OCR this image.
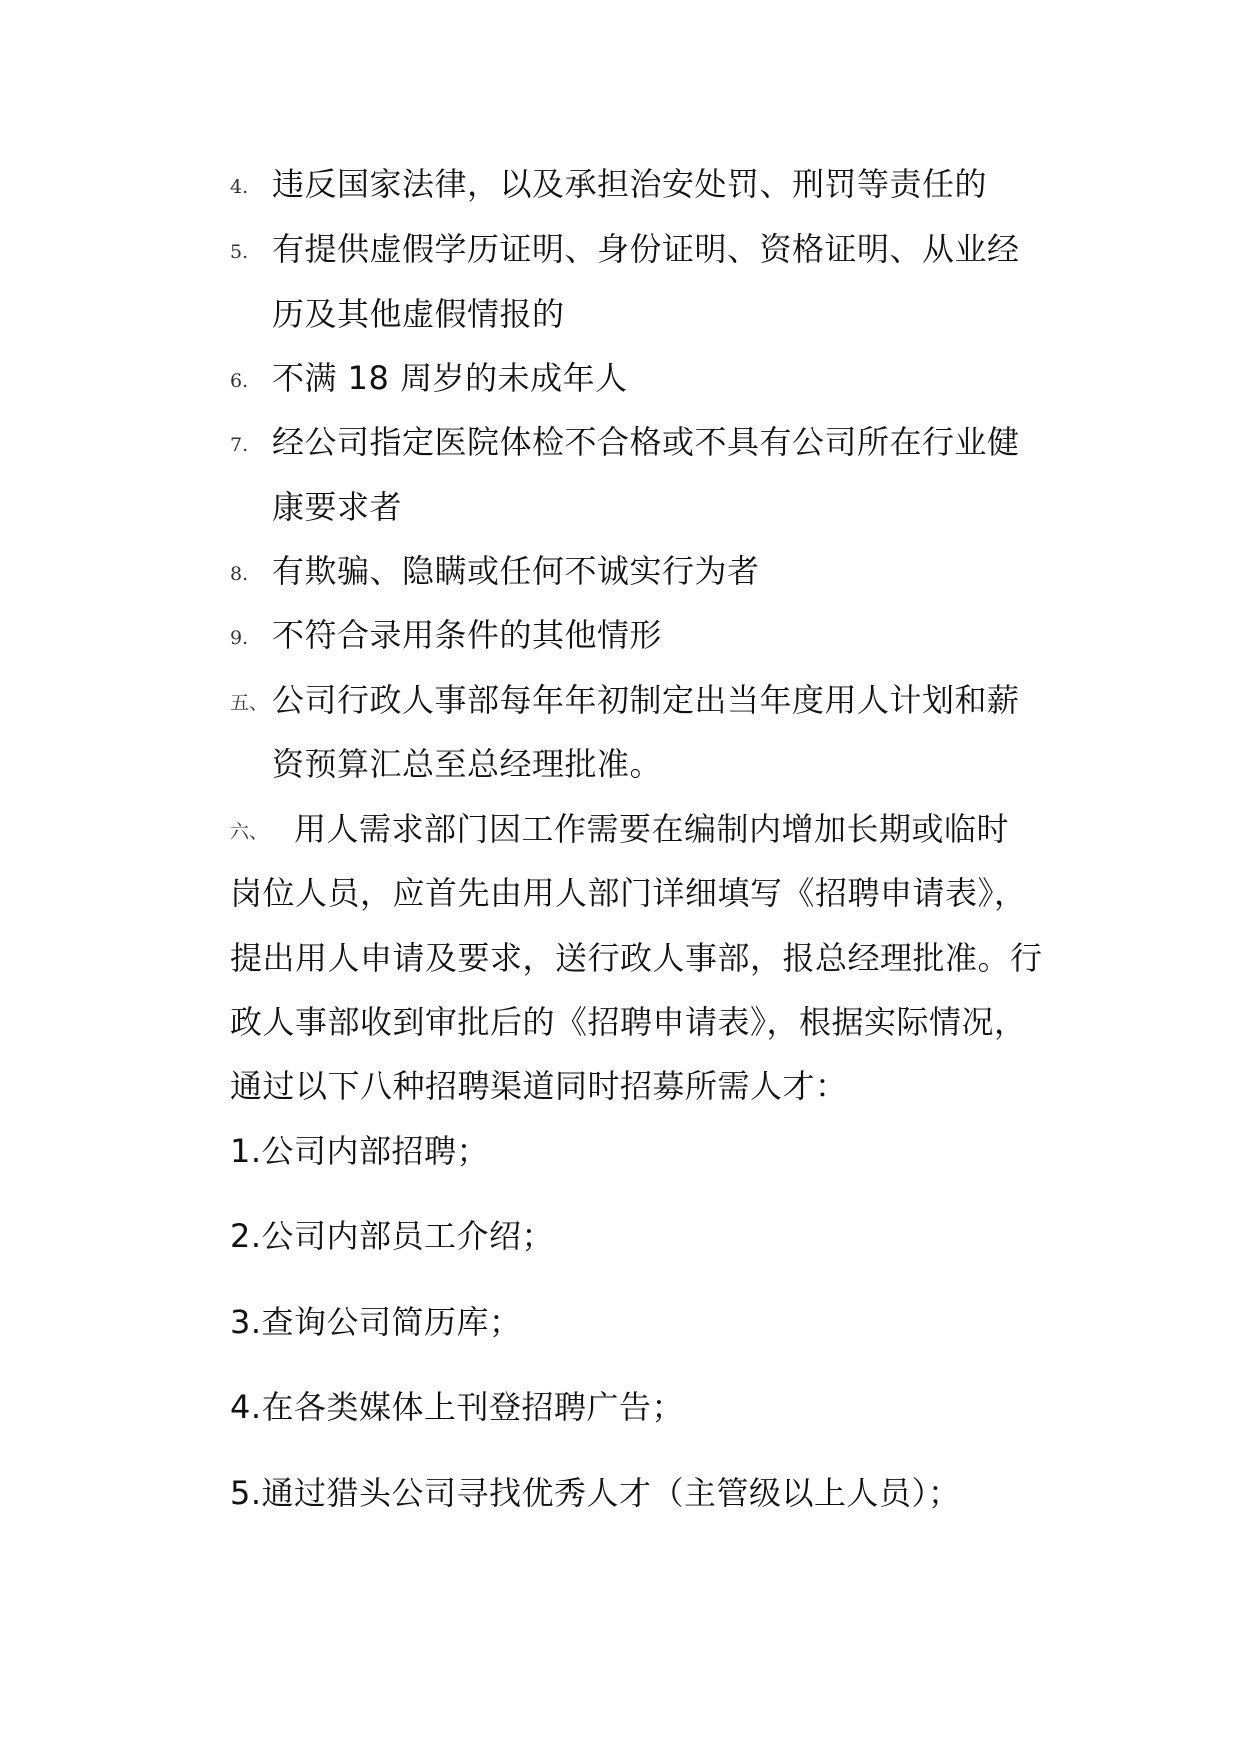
4. 违反国家法律，以及承担治安处罚、刑罚等责任的
5. 有提供虚假学历证明、身份证明、资格证明、从业经
历及其他虚假情报的
6. 不满 18 周岁的未成年人
7. 经公司指定医院体检不合格或不具有公司所在行业健
康要求者
8. 有欺骗、隐瞒或任何不诚实行为者
9. 不符合录用条件的其他情形
五、 公司行政人事部每年年初制定出当年度用人计划和薪
资预算汇总至总经理批准。
六、 用人需求部门因工作需要在编制内增加长期或临时
岗位人员，应首先由用人部门详细填写《招聘申请表》，
提出用人申请及要求，送行政人事部，报总经理批准。行
政人事部收到审批后的《招聘申请表》，根据实际情况，
通过以下八种招聘渠道同时招募所需人才：
1.公司内部招聘；
2.公司内部员工介绍；
3.查询公司简历库；
4.在各类媒体上刊登招聘广告；
5.通过猎头公司寻找优秀人才（主管级以上人员）；
